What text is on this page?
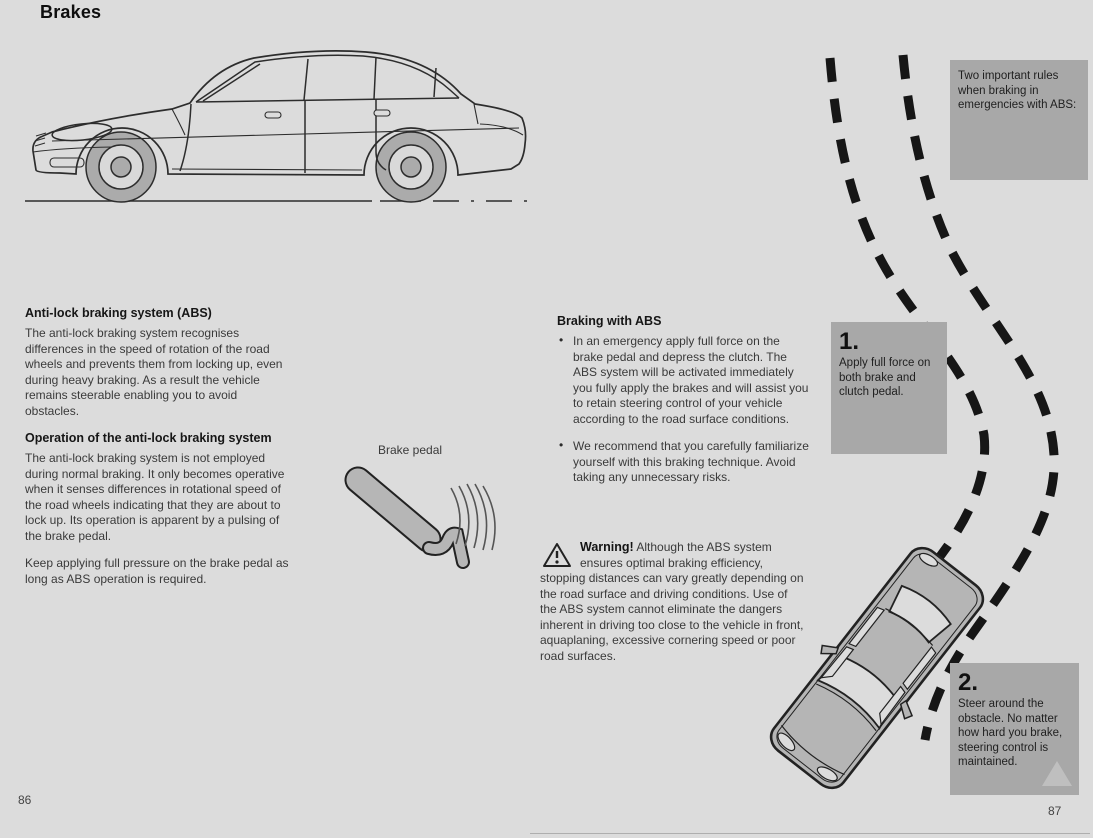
Brakes
Anti-lock braking system (ABS)

The anti-lock braking system recognises differences in the speed of rotation of the road wheels and prevents them from locking up, even during heavy braking. As a result the vehicle remains steerable enabling you to avoid obstacles.

Operation of the anti-lock braking system

The anti-lock braking system is not employed during normal braking. It only becomes operative when it senses differences in rotational speed of the road wheels indicating that they are about to lock up. Its operation is apparent by a pulsing of the brake pedal.

Keep applying full pressure on the brake pedal as long as ABS operation is required.

Brake pedal
Braking with ABS
• In an emergency apply full force on the brake pedal and depress the clutch. The ABS system will be activated immediately you fully apply the brakes and will assist you to retain steering control of your vehicle according to the road surface conditions.
• We recommend that you carefully familiarize yourself with this braking technique. Avoid taking any unnecessary risks.
Warning! Although the ABS system ensures optimal braking efficiency, stopping distances can vary greatly depending on the road surface and driving conditions. Use of the ABS system cannot eliminate the dangers inherent in driving too close to the vehicle in front, aquaplaning, excessive cornering speed or poor road surfaces.
Two important rules when braking in emergencies with ABS:
1.
Apply full force on both brake and clutch pedal.
2.
Steer around the obstacle. No matter how hard you brake, steering control is maintained.
86
87
